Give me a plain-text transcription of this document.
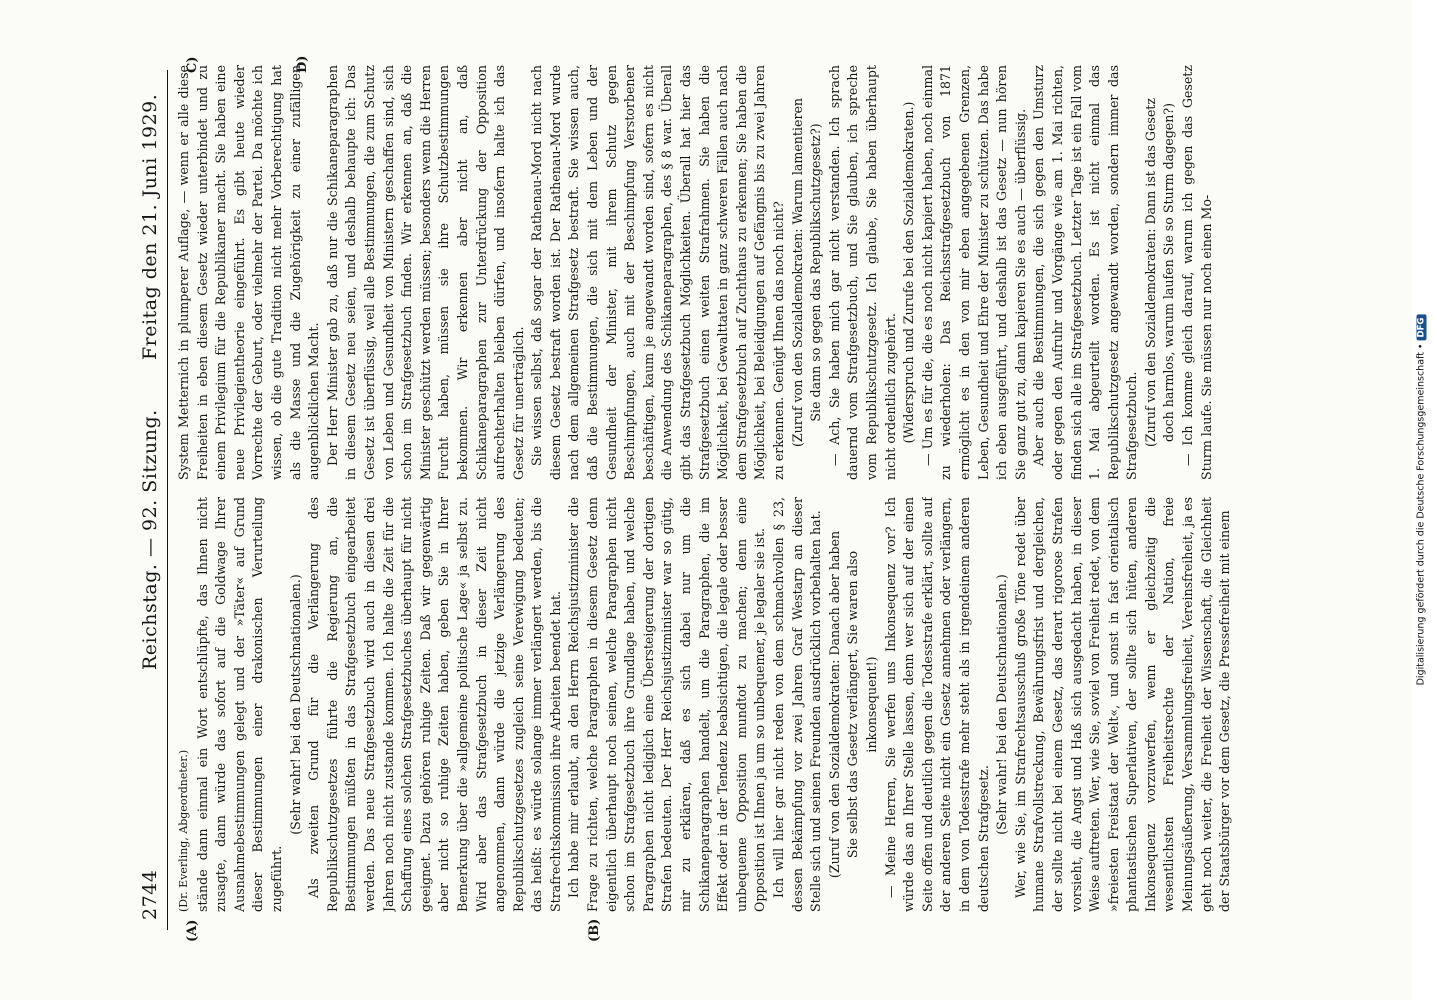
2744
Reichstag. — 92. Sitzung.
Freitag den 21. Juni 1929.
(A)	(B)
C)	D)

(Dr. Everling, Abgeordneter.) stände dann einmal ein Wort entschlüpfte, das Ihnen nicht zusagte, dann würde das sofort auf die Goldwage Ihrer Ausnahmebestimmungen gelegt und der »Täter« auf Grund dieser Bestimmungen einer drakonischen Verurteilung zugeführt.

(Sehr wahr! bei den Deutschnationalen.) Als zweiten Grund für die Verlängerung des Republikschutzgesetzes führte die Regierung an, die Bestimmungen müßten in das Strafgesetzbuch eingearbeitet werden. Das neue Strafgesetzbuch wird auch in diesen drei Jahren noch nicht zustande kommen. Ich halte die Zeit für die Schaffung eines solchen Strafgesetzbuches überhaupt für nicht geeignet. Dazu gehören ruhige Zeiten. Daß wir gegenwärtig aber nicht so ruhige Zeiten haben, geben Sie in Ihrer Bemerkung über die »allgemeine politische Lage« ja selbst zu. Wird aber das Strafgesetzbuch in dieser Zeit nicht angenommen, dann würde die jetzige Verlängerung des Republikschutzgesetzes zugleich seine Verewigung bedeuten; das heißt: es würde solange immer verlängert werden, bis die Strafrechtskommission ihre Arbeiten beendet hat. Ich habe mir erlaubt, an den Herrn Reichsjustizminister die Frage zu richten, welche Paragraphen in diesem Gesetz denn eigentlich überhaupt noch seinen, welche Paragraphen nicht schon im Strafgesetzbuch ihre Grundlage haben, und welche Paragraphen nicht lediglich eine Übersteigerung der dortigen Strafen bedeuten. Der Herr Reichsjustizminister war so gütig, mir zu erklären, daß es sich dabei nur um die Schikaneparagraphen handelt, um die Paragraphen, die im Effekt oder in der Tendenz beabsichtigen, die legale oder besser unbequeme Opposition mundtot zu machen; denn eine Opposition ist Ihnen ja um so unbequemer, je legaler sie ist. Ich will hier gar nicht reden von dem schmachvollen § 23, dessen Bekämpfung vor zwei Jahren Graf Westarp an dieser Stelle sich und seinen Freunden ausdrücklich vorbehalten hat. (Zuruf von den Sozialdemokraten: Danach aber haben Sie selbst das Gesetz verlängert, Sie waren also inkonsequent!) — Meine Herren, Sie werfen uns Inkonsequenz vor? Ich würde das an Ihrer Stelle lassen, denn wer sich auf der einen Seite offen und deutlich gegen die Todesstrafe erklärt, sollte auf der anderen Seite nicht ein Gesetz annehmen oder verlängern, in dem von Todesstrafe mehr steht als in irgendeinem anderen deutschen Strafgesetz.

(Sehr wahr! bei den Deutschnationalen.) Wer, wie Sie, im Strafrechtsausschuß große Töne redet über humane Strafvollstreckung, Bewährungsfrist und dergleichen, der sollte nicht bei einem Gesetz, das derart rigorose Strafen vorsieht, die Angst und Haß sich ausgedacht haben, in dieser Weise auftreten. Wer, wie Sie, soviel von Freiheit redet, von dem »freiesten Freistaat der Welt«, und sonst in fast orientalisch phantastischen Superlativen, der sollte sich hüten, anderen Inkonsequenz vorzuwerfen, wenn er gleichzeitig die wesentlichsten Freiheitsrechte der Nation, freie Meinungsäußerung, Versammlungsfreiheit, Vereinsfreiheit, ja es geht noch weiter, die Freiheit der Wissenschaft, die Gleichheit der Staatsbürger vor dem Gesetz, die Pressefreiheit mit einem

System Metternich in plumperer Auflage, — wenn er alle diese Freiheiten in eben diesem Gesetz wieder unterbindet und zu einem Privilegium für die Republikaner macht. Sie haben eine neue Privilegientheorie eingeführt. Es gibt heute wieder Vorrechte der Geburt, oder vielmehr der Partei. Da möchte ich wissen, ob die gute Tradition nicht mehr Vorberechtigung hat als die Masse und die Zugehörigkeit zu einer zufälligen augenblicklichen Macht. Der Herr Minister gab zu, daß nur die Schikaneparagraphen in diesem Gesetz neu seien, und deshalb behaupte ich: Das Gesetz ist überflüssig, weil alle Bestimmungen, die zum Schutz von Leben und Gesundheit von Ministern geschaffen sind, sich schon im Strafgesetzbuch finden. Wir erkennen an, daß die Minister geschützt werden müssen; besonders wenn die Herren Furcht haben, müssen sie ihre Schutzbestimmungen bekommen. Wir erkennen aber nicht an, daß Schikaneparagraphen zur Unterdrückung der Opposition aufrechterhalten bleiben dürfen, und insofern halte ich das Gesetz für unerträglich. Sie wissen selbst, daß sogar der Rathenau-Mord nicht nach diesem Gesetz bestraft worden ist. Der Rathenau-Mord wurde nach dem allgemeinen Strafgesetz bestraft. Sie wissen auch, daß die Bestimmungen, die sich mit dem Leben und der Gesundheit der Minister, mit ihrem Schutz gegen Beschimpfungen, auch mit der Beschimpfung Verstorbener beschäftigen, kaum je angewandt worden sind, sofern es nicht die Anwendung des Schikaneparagraphen, des § 8 war. Überall gibt das Strafgesetzbuch Möglichkeiten. Überall hat hier das Strafgesetzbuch einen weiten Strafrahmen. Sie haben die Möglichkeit, bei Gewalttaten in ganz schweren Fällen auch nach dem Strafgesetzbuch auf Zuchthaus zu erkennen; Sie haben die Möglichkeit, bei Beleidigungen auf Gefängnis bis zu zwei Jahren zu erkennen. Genügt Ihnen das noch nicht? (Zuruf von den Sozialdemokraten: Warum lamentieren Sie dann so gegen das Republikschutzgesetz?) — Ach, Sie haben mich gar nicht verstanden. Ich sprach dauernd vom Strafgesetzbuch, und Sie glauben, ich spreche vom Republikschutzgesetz. Ich glaube, Sie haben überhaupt nicht ordentlich zugehört. (Widerspruch und Zurufe bei den Sozialdemokraten.) — Um es für die, die es noch nicht kapiert haben, noch einmal zu wiederholen: Das Reichsstrafgesetzbuch von 1871 ermöglicht es in den von mir eben angegebenen Grenzen, Leben, Gesundheit und Ehre der Minister zu schützen. Das habe ich eben ausgeführt, und deshalb ist das Gesetz — nun hören Sie ganz gut zu, dann kapieren Sie es auch — überflüssig. Aber auch die Bestimmungen, die sich gegen den Umsturz oder gegen den Aufruhr und Vorgänge wie am 1. Mai richten, finden sich alle im Strafgesetzbuch. Letzter Tage ist ein Fall vom 1. Mai abgeurteilt worden. Es ist nicht einmal das Republikschutzgesetz angewandt worden, sondern immer das Strafgesetzbuch. (Zuruf von den Sozialdemokraten: Dann ist das Gesetz doch harmlos, warum laufen Sie so Sturm dagegen?) — Ich komme gleich darauf, warum ich gegen das Gesetz Sturm laufe. Sie müssen nur noch einen Mo-

Digitalisierung gefördert durch die Deutsche Forschungsgemeinschaft •DFG
